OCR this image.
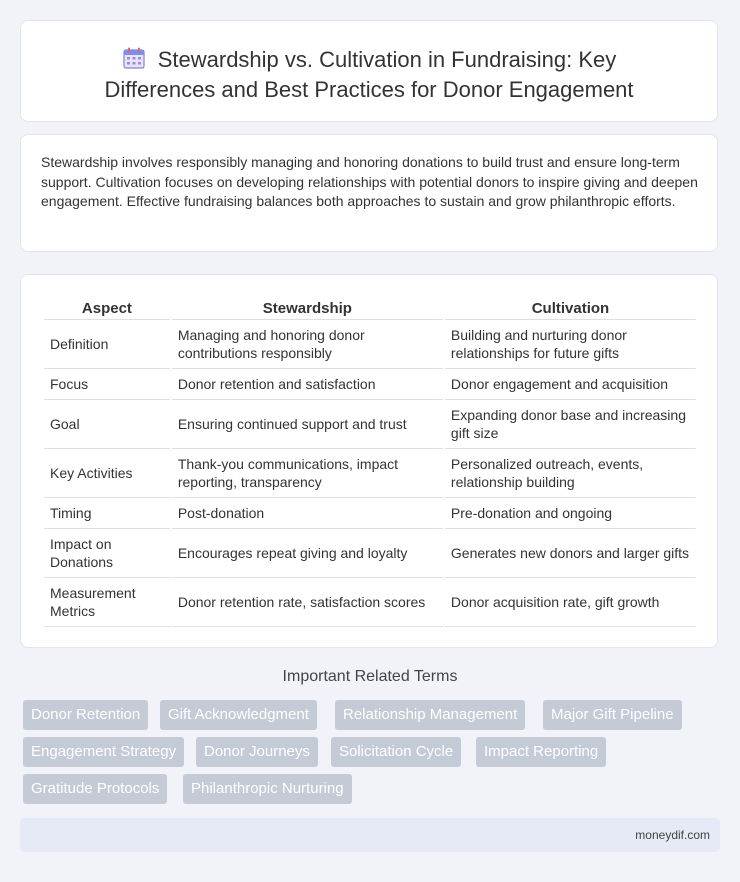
Stewardship vs. Cultivation in Fundraising: Key
Differences and Best Practices for Donor Engagement

Stewardship involves responsibly managing and honoring donations to build trust and ensure long-term support. Cultivation focuses on developing relationships with potential donors to inspire giving and deepen engagement. Effective fundraising balances both approaches to sustain and grow philanthropic efforts.

Aspect	Stewardship	Cultivation
Definition	Managing and honoring donor contributions responsibly	Building and nurturing donor relationships for future gifts
Focus	Donor retention and satisfaction	Donor engagement and acquisition
Goal	Ensuring continued support and trust	Expanding donor base and increasing gift size
Key Activities	Thank-you communications, impact reporting, transparency	Personalized outreach, events, relationship building
Timing	Post-donation	Pre-donation and ongoing
Impact on Donations	Encourages repeat giving and loyalty	Generates new donors and larger gifts
Measurement Metrics	Donor retention rate, satisfaction scores	Donor acquisition rate, gift growth
Important Related Terms
Donor Retention	Gift Acknowledgment	Relationship Management	Major Gift Pipeline
Engagement Strategy	Donor Journeys	Solicitation Cycle	Impact Reporting
Gratitude Protocols	Philanthropic Nurturing
moneydif.com
